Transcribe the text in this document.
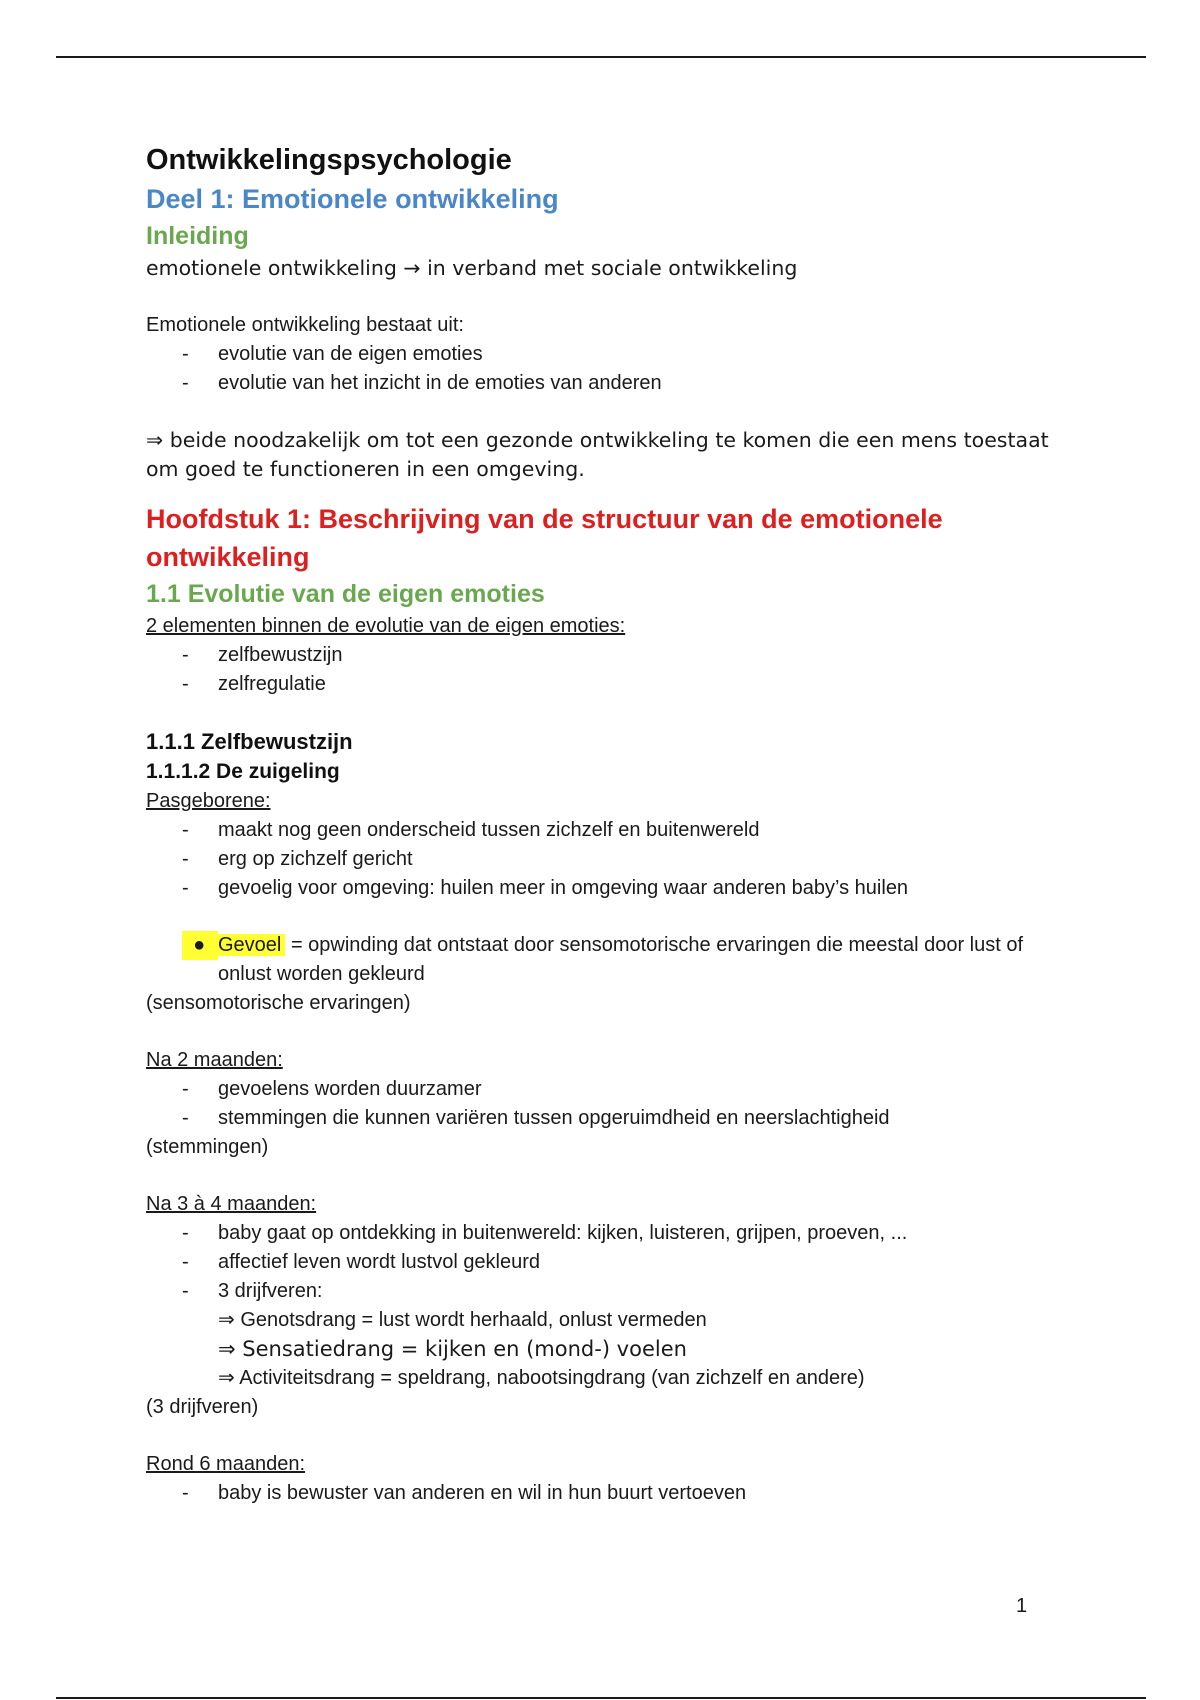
Ontwikkelingspsychologie
Deel 1: Emotionele ontwikkeling
Inleiding
emotionele ontwikkeling → in verband met sociale ontwikkeling
Emotionele ontwikkeling bestaat uit:
- evolutie van de eigen emoties
- evolutie van het inzicht in de emoties van anderen
⇒ beide noodzakelijk om tot een gezonde ontwikkeling te komen die een mens toestaat om goed te functioneren in een omgeving.
Hoofdstuk 1: Beschrijving van de structuur van de emotionele ontwikkeling
1.1 Evolutie van de eigen emoties
2 elementen binnen de evolutie van de eigen emoties:
- zelfbewustzijn
- zelfregulatie
1.1.1 Zelfbewustzijn
1.1.1.2 De zuigeling
Pasgeborene:
- maakt nog geen onderscheid tussen zichzelf en buitenwereld
- erg op zichzelf gericht
- gevoelig voor omgeving: huilen meer in omgeving waar anderen baby’s huilen
● Gevoel = opwinding dat ontstaat door sensomotorische ervaringen die meestal door lust of onlust worden gekleurd
(sensomotorische ervaringen)
Na 2 maanden:
- gevoelens worden duurzamer
- stemmingen die kunnen variëren tussen opgeruimdheid en neerslachtigheid
(stemmingen)
Na 3 à 4 maanden:
- baby gaat op ontdekking in buitenwereld: kijken, luisteren, grijpen, proeven, ...
- affectief leven wordt lustvol gekleurd
- 3 drijfveren:
⇒ Genotsdrang = lust wordt herhaald, onlust vermeden
⇒ Sensatiedrang = kijken en (mond-) voelen
⇒ Activiteitsdrang = speldrang, nabootsingdrang (van zichzelf en andere)
(3 drijfveren)
Rond 6 maanden:
- baby is bewuster van anderen en wil in hun buurt vertoeven
1
